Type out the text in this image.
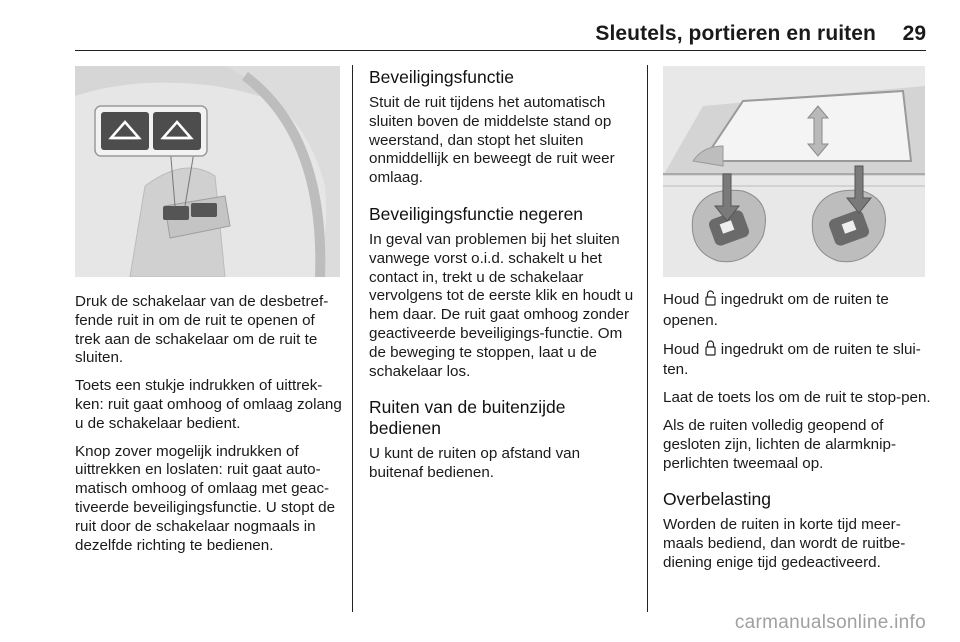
Sleutels, portieren en ruiten 29

Druk de schakelaar van de desbetref-fende ruit in om de ruit te openen of trek aan de schakelaar om de ruit te sluiten.

Toets een stukje indrukken of uittrek-ken: ruit gaat omhoog of omlaag zolang u de schakelaar bedient.

Knop zover mogelijk indrukken of uittrekken en loslaten: ruit gaat auto-matisch omhoog of omlaag met geac-tiveerde beveiligingsfunctie. U stopt de ruit door de schakelaar nogmaals in dezelfde richting te bedienen.

Beveiligingsfunctie

Stuit de ruit tijdens het automatisch sluiten boven de middelste stand op weerstand, dan stopt het sluiten onmiddellijk en beweegt de ruit weer omlaag.

Beveiligingsfunctie negeren

In geval van problemen bij het sluiten vanwege vorst o.i.d. schakelt u het contact in, trekt u de schakelaar vervolgens tot de eerste klik en houdt u hem daar. De ruit gaat omhoog zonder geactiveerde beveiligings-functie. Om de beweging te stoppen, laat u de schakelaar los.

Ruiten van de buitenzijde bedienen

U kunt de ruiten op afstand van buitenaf bedienen.

Houd ingedrukt om de ruiten te openen.

Houd ingedrukt om de ruiten te slui-ten.

Laat de toets los om de ruit te stop-pen.

Als de ruiten volledig geopend of gesloten zijn, lichten de alarmknip-perlichten tweemaal op.

Overbelasting

Worden de ruiten in korte tijd meer-maals bediend, dan wordt de ruitbe-diening enige tijd gedeactiveerd.

carmanualsonline.info
